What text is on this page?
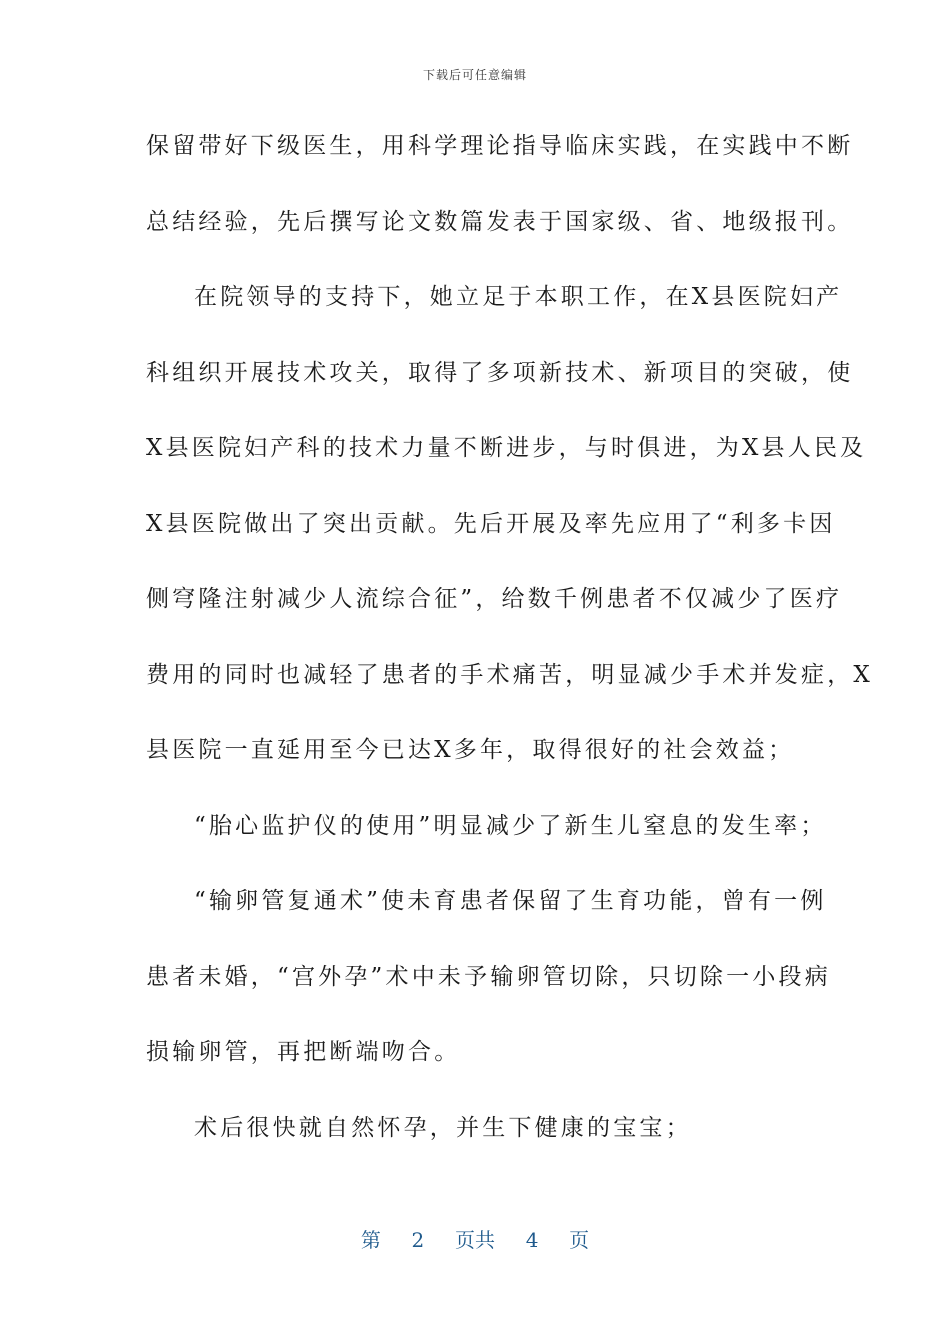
下载后可任意编辑
保留带好下级医生，用科学理论指导临床实践，在实践中不断
总结经验，先后撰写论文数篇发表于国家级、省、地级报刊。
在院领导的支持下，她立足于本职工作，在X县医院妇产
科组织开展技术攻关，取得了多项新技术、新项目的突破，使
X县医院妇产科的技术力量不断进步，与时俱进，为X县人民及
X县医院做出了突出贡献。先后开展及率先应用了“利多卡因
侧穹隆注射减少人流综合征”，给数千例患者不仅减少了医疗
费用的同时也减轻了患者的手术痛苦，明显减少手术并发症，X
县医院一直延用至今已达X多年，取得很好的社会效益；
“胎心监护仪的使用”明显减少了新生儿窒息的发生率；
“输卵管复通术”使未育患者保留了生育功能，曾有一例
患者未婚，“宫外孕”术中未予输卵管切除，只切除一小段病
损输卵管，再把断端吻合。
术后很快就自然怀孕，并生下健康的宝宝；
第 2 页共 4 页
